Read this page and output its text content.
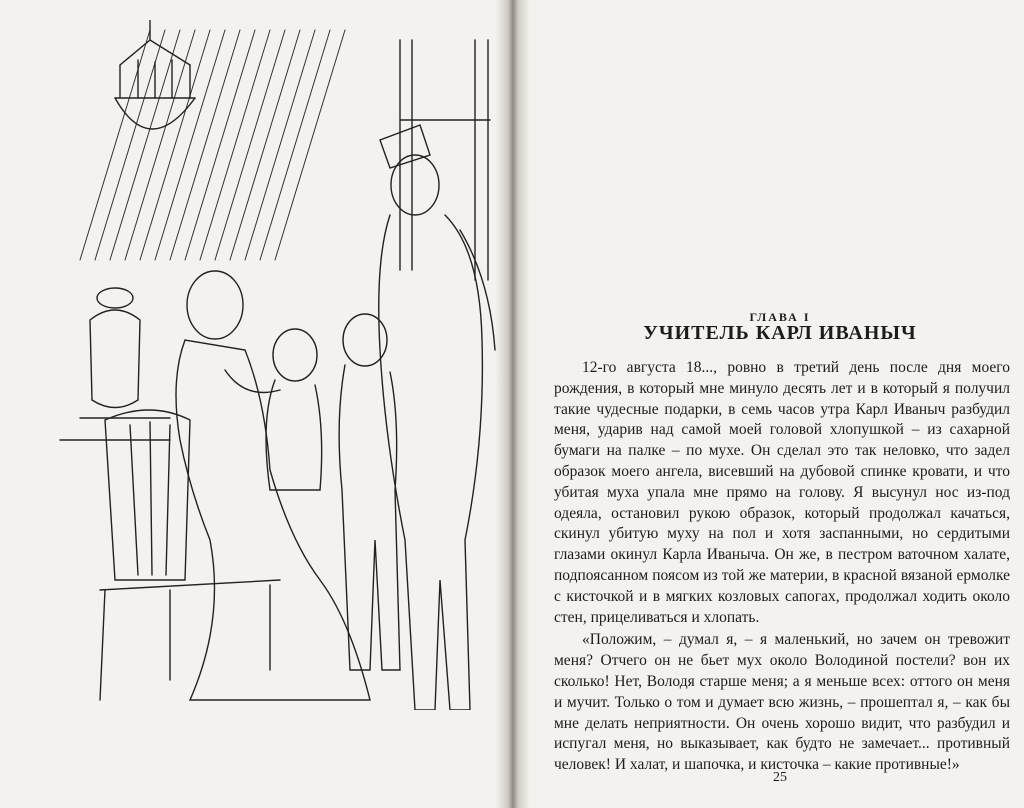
ГЛАВА I
УЧИТЕЛЬ КАРЛ ИВАНЫЧ

12-го августа 18..., ровно в третий день после дня моего рождения, в который мне минуло десять лет и в который я получил такие чудесные подарки, в семь часов утра Карл Иваныч разбудил меня, ударив над самой моей головой хлопушкой – из сахарной бумаги на палке – по мухе. Он сделал это так неловко, что задел образок моего ангела, висевший на дубовой спинке кровати, и что убитая муха упала мне прямо на голову. Я высунул нос из-под одеяла, остановил рукою образок, который продолжал качаться, скинул убитую муху на пол и хотя заспанными, но сердитыми глазами окинул Карла Иваныча. Он же, в пестром ваточном халате, подпоясанном поясом из той же материи, в красной вязаной ермолке с кисточкой и в мягких козловых сапогах, продолжал ходить около стен, прицеливаться и хлопать.

«Положим, – думал я, – я маленький, но зачем он тревожит меня? Отчего он не бьет мух около Володиной постели? вон их сколько! Нет, Володя старше меня; а я меньше всех: оттого он меня и мучит. Только о том и думает всю жизнь, – прошептал я, – как бы мне делать неприятности. Он очень хорошо видит, что разбудил и испугал меня, но выказывает, как будто не замечает... противный человек! И халат, и шапочка, и кисточка – какие противные!»

25
